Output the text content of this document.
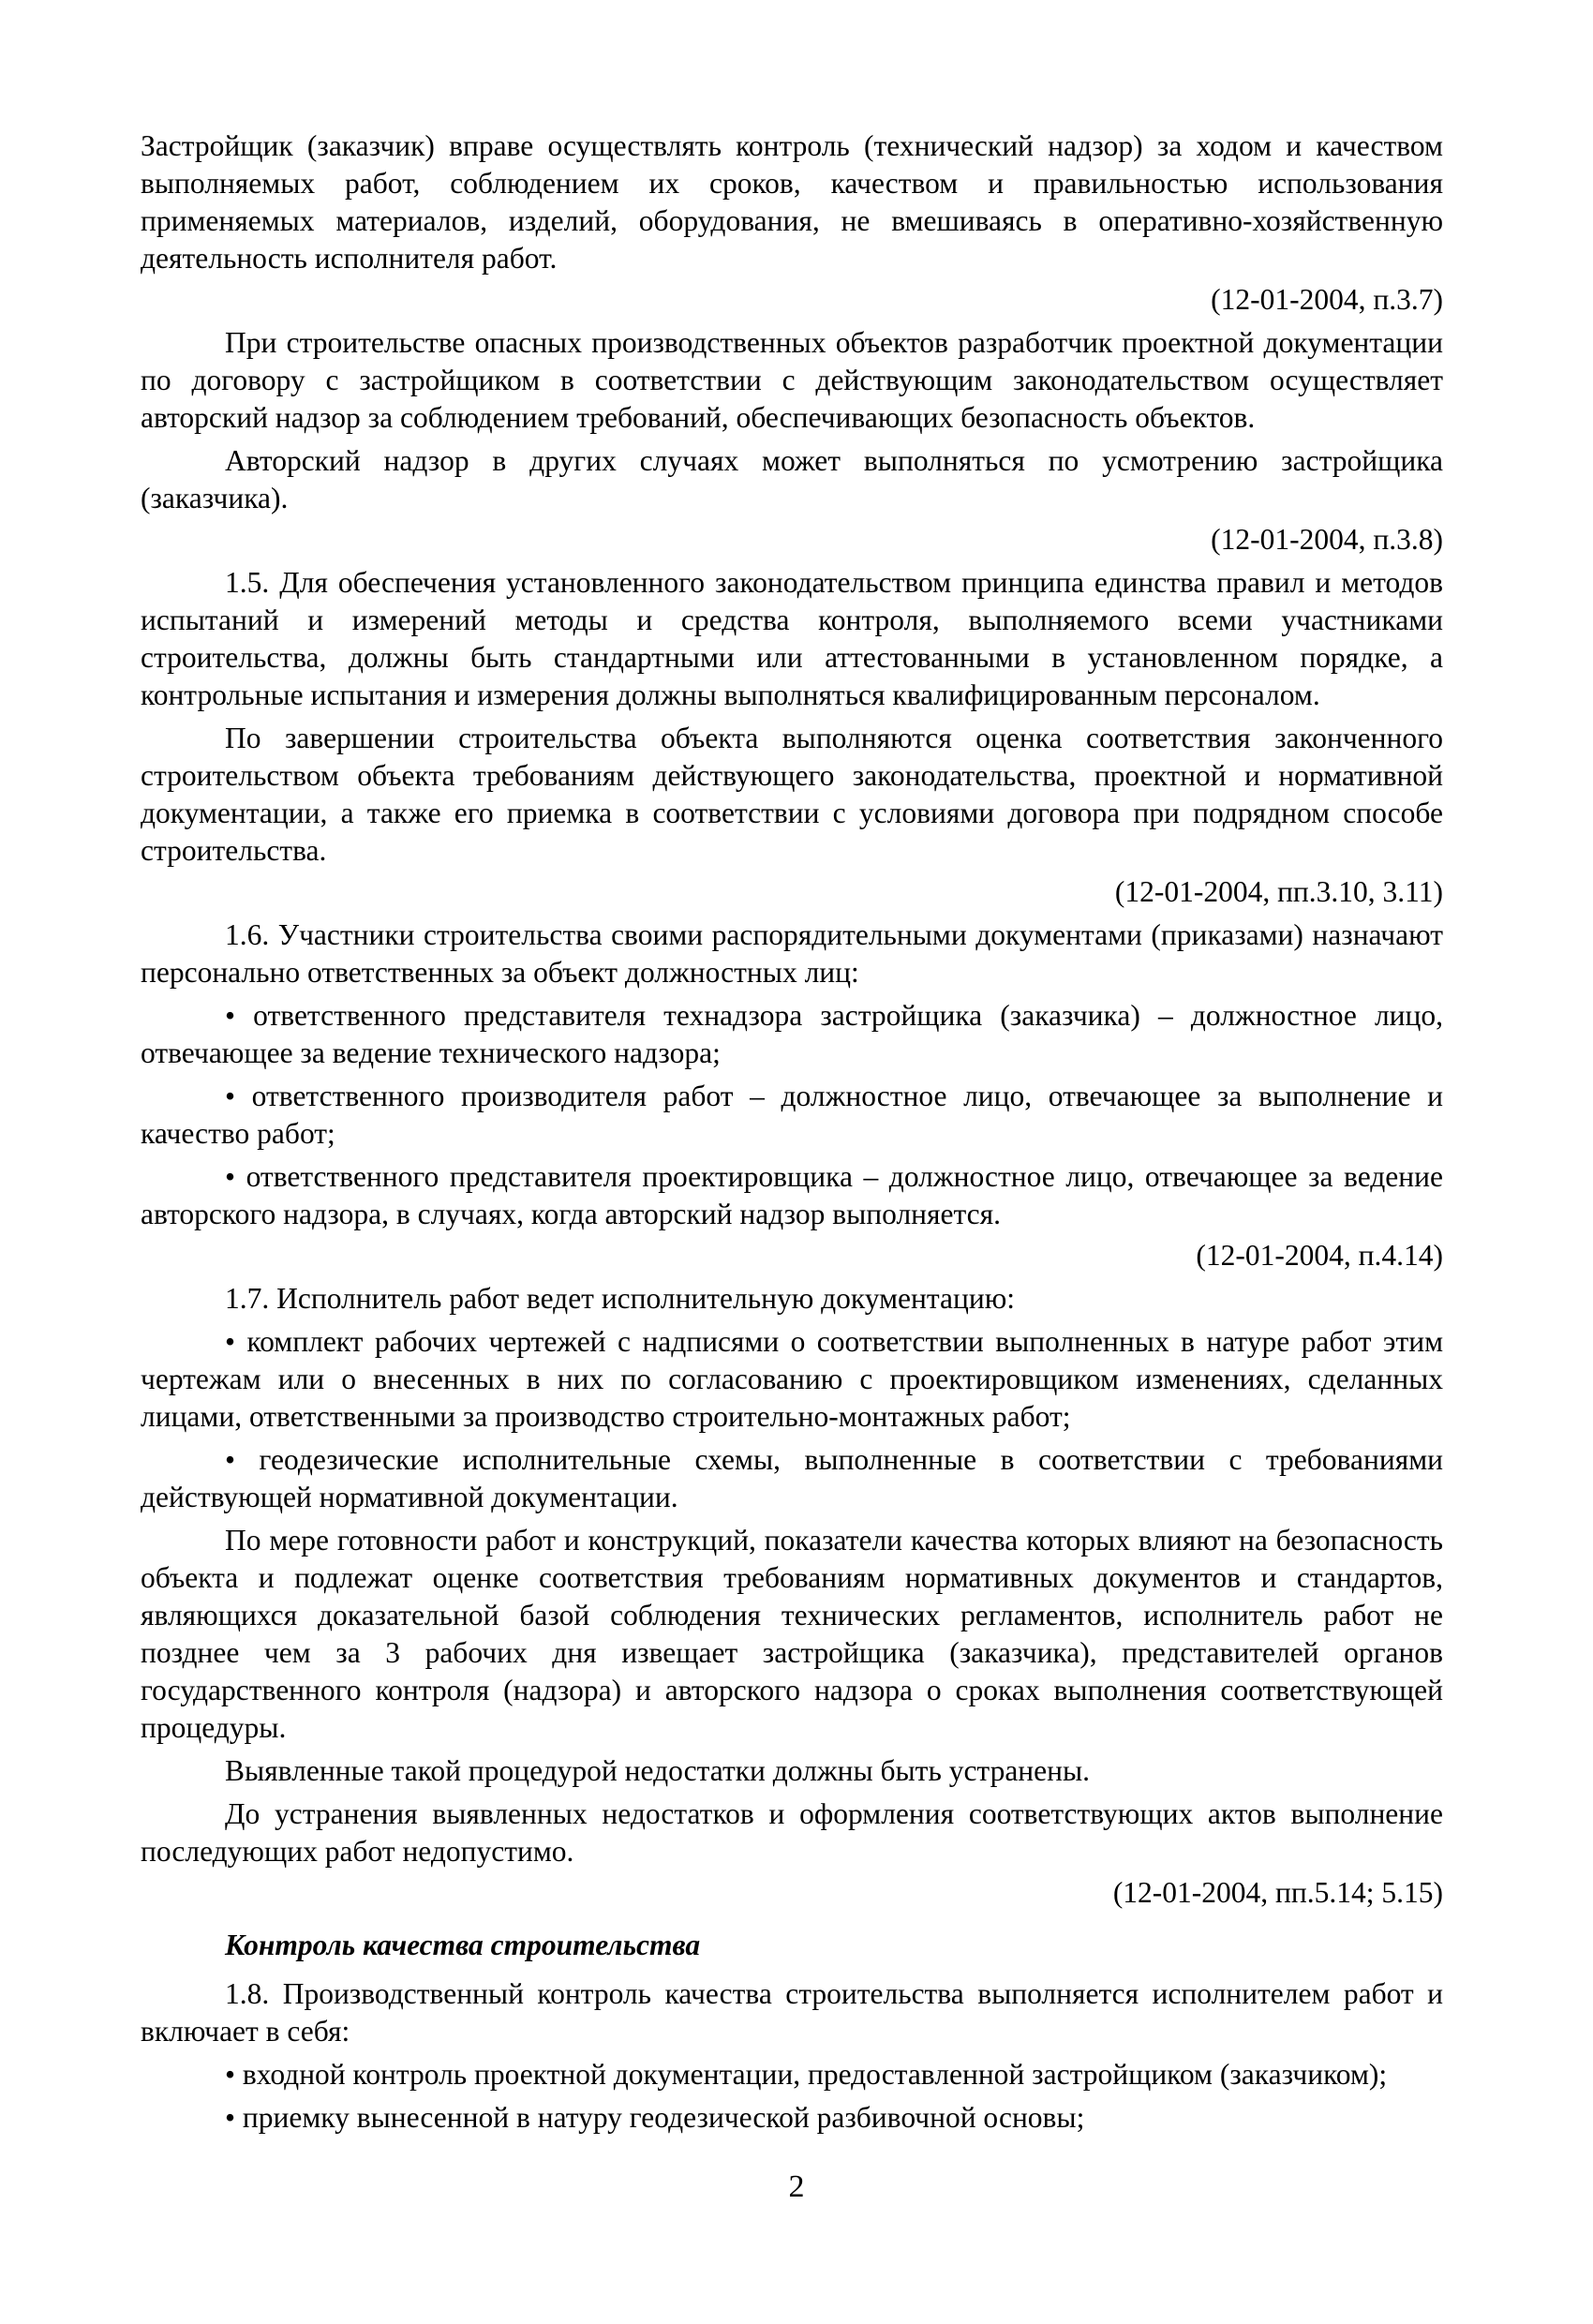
Застройщик (заказчик) вправе осуществлять контроль (технический надзор) за ходом и качеством выполняемых работ, соблюдением их сроков, качеством и правильностью использования применяемых материалов, изделий, оборудования, не вмешиваясь в оперативно-хозяйственную деятельность исполнителя работ.

(12-01-2004, п.3.7)

При строительстве опасных производственных объектов разработчик проектной документации по договору с застройщиком в соответствии с действующим законодательством осуществляет авторский надзор за соблюдением требований, обеспечивающих безопасность объектов.

Авторский надзор в других случаях может выполняться по усмотрению застройщика (заказчика).

(12-01-2004, п.3.8)

1.5. Для обеспечения установленного законодательством принципа единства правил и методов испытаний и измерений методы и средства контроля, выполняемого всеми участниками строительства, должны быть стандартными или аттестованными в установленном порядке, а контрольные испытания и измерения должны выполняться квалифицированным персоналом.

По завершении строительства объекта выполняются оценка соответствия законченного строительством объекта требованиям действующего законодательства, проектной и нормативной документации, а также его приемка в соответствии с условиями договора при подрядном способе строительства.

(12-01-2004, пп.3.10, 3.11)

1.6. Участники строительства своими распорядительными документами (приказами) назначают персонально ответственных за объект должностных лиц:

• ответственного представителя технадзора застройщика (заказчика) – должностное лицо, отвечающее за ведение технического надзора;

• ответственного производителя работ – должностное лицо, отвечающее за выполнение и качество работ;

• ответственного представителя проектировщика – должностное лицо, отвечающее за ведение авторского надзора, в случаях, когда авторский надзор выполняется.

(12-01-2004, п.4.14)

1.7. Исполнитель работ ведет исполнительную документацию:

• комплект рабочих чертежей с надписями о соответствии выполненных в натуре работ этим чертежам или о внесенных в них по согласованию с проектировщиком изменениях, сделанных лицами, ответственными за производство строительно-монтажных работ;

• геодезические исполнительные схемы, выполненные в соответствии с требованиями действующей нормативной документации.

По мере готовности работ и конструкций, показатели качества которых влияют на безопасность объекта и подлежат оценке соответствия требованиям нормативных документов и стандартов, являющихся доказательной базой соблюдения технических регламентов, исполнитель работ не позднее чем за 3 рабочих дня извещает застройщика (заказчика), представителей органов государственного контроля (надзора) и авторского надзора о сроках выполнения соответствующей процедуры.

Выявленные такой процедурой недостатки должны быть устранены.

До устранения выявленных недостатков и оформления соответствующих актов выполнение последующих работ недопустимо.

(12-01-2004, пп.5.14; 5.15)

Контроль качества строительства

1.8. Производственный контроль качества строительства выполняется исполнителем работ и включает в себя:

• входной контроль проектной документации, предоставленной застройщиком (заказчиком);

• приемку вынесенной в натуру геодезической разбивочной основы;

2
